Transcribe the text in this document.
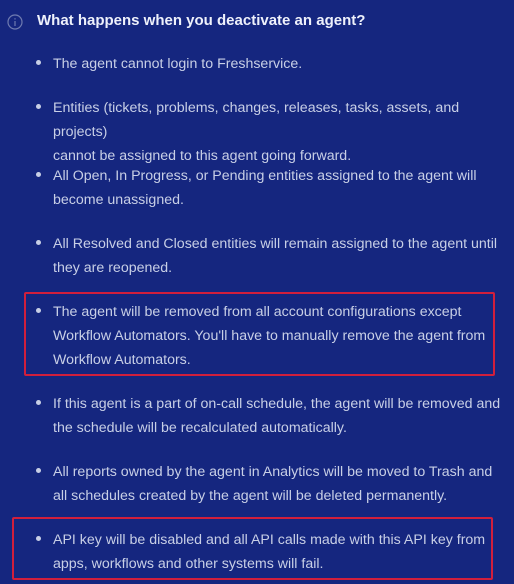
What happens when you deactivate an agent?
The agent cannot login to Freshservice.
Entities (tickets, problems, changes, releases, tasks, assets, and projects)
cannot be assigned to this agent going forward.
All Open, In Progress, or Pending entities assigned to the agent will
become unassigned.
All Resolved and Closed entities will remain assigned to the agent until
they are reopened.
The agent will be removed from all account configurations except
Workflow Automators. You'll have to manually remove the agent from
Workflow Automators.
If this agent is a part of on-call schedule, the agent will be removed and
the schedule will be recalculated automatically.
All reports owned by the agent in Analytics will be moved to Trash and
all schedules created by the agent will be deleted permanently.
API key will be disabled and all API calls made with this API key from
apps, workflows and other systems will fail.
